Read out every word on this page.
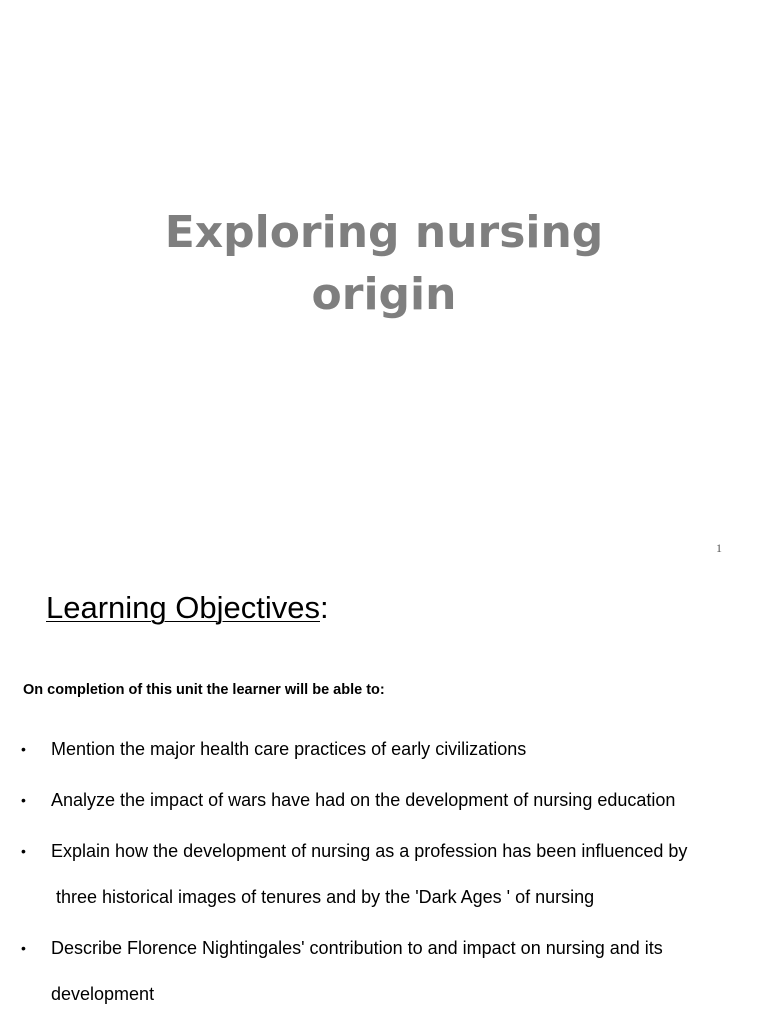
Exploring nursing
origin
1
Learning Objectives:

On completion of this unit the learner will be able to:

• Mention the major health care practices of early civilizations
• Analyze the impact of wars have had on the development of nursing education
• Explain how the development of nursing as a profession has been influenced by
three historical images of tenures and by the 'Dark Ages ' of nursing
• Describe Florence Nightingales' contribution to and impact on nursing and its
development
